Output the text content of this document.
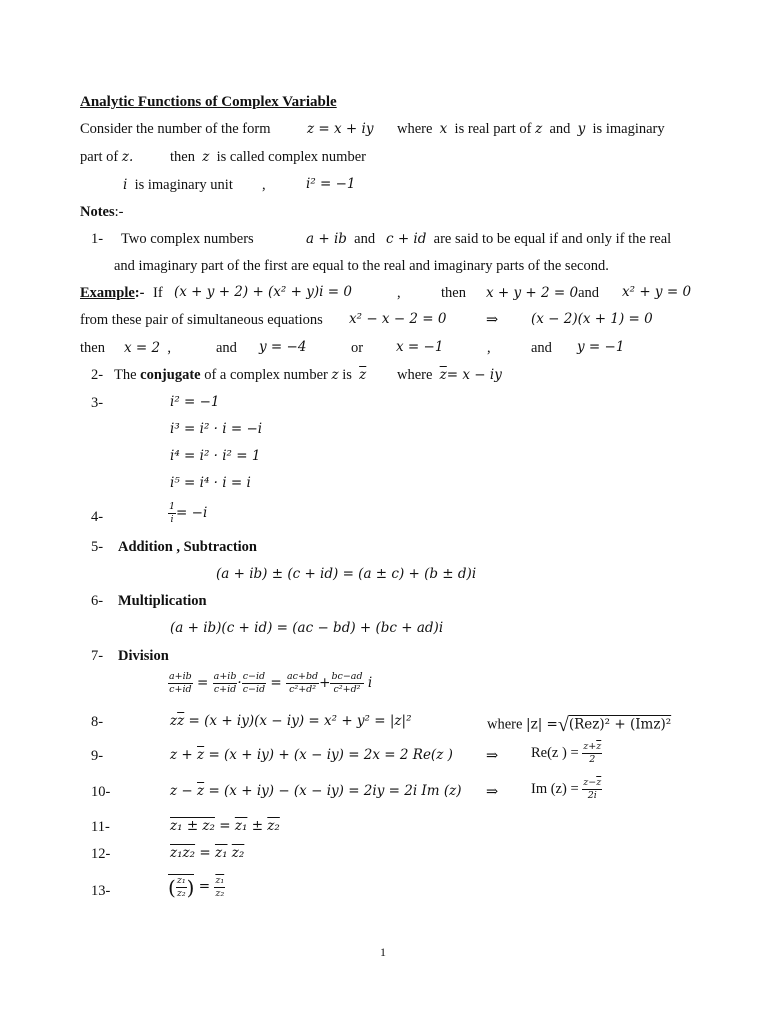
Analytic Functions of Complex Variable
Consider the number of the form	z = x + iy where x is real part of z and y is imaginary
part of z.	then z is called complex number
i is imaginary unit ,	i² = −1
Notes:-
1- Two complex numbers	a + ib and c + id are said to be equal if and only if the real
and imaginary part of the first are equal to the real and imaginary parts of the second.
Example:- If (x + y + 2) + (x² + y)i = 0	,	then x + y + 2 = 0and x² + y = 0
from these pair of simultaneous equations x² − x − 2 = 0	⇒ (x − 2)(x + 1) = 0
then x = 2 ,	and y = −4	or x = −1	,	and y = −1
2- The conjugate of a complex number z is $\overline{z}$ where $\overline{z}= x$ − iy
3-	i² = −1
i³ = i² · i = −i
i⁴ = i² · i² = 1
i⁵ = i⁴ · i = i
4-	$\frac{1}{i} = -i$
5- Addition , Subtraction
(a + ib) ± (c + id) = (a ± c) + (b ± d)i
6- Multiplication
(a + ib)(c + id) = (ac − bd) + (bc + ad)i
7- Division
$\frac{a+ib}{c+id} = \frac{a+ib}{c+id} \cdot \frac{c-id}{c-id} = \frac{ac+bd}{\text{c²+d²}} + \frac{bc-ad}{\text{c²+d²}}$ i
8-	$z\overline{z} = (x + iy)(x - iy) = x^2 + y^2 = |z|^2$	where |z| =√(Rez)² + (Imz)²
9-	$z + \overline{z} = (x + iy) + (x - iy) = 2x = 2$ Re(z ) ⇒ Re(z ) = $\frac{z+\overline{z}}{2}$
10-	$z - \overline{z} = (x + iy) - (x - iy) = 2iy = 2i$ Im (z) ⇒ Im $(z) = \frac{z-\overline{z}}{2i}$
11-	z₁ ± z₂ = z₁ ± z₂
12-	z₁z₂ = z₁ z₂
13-	( $\frac{\text{z₁}}{\text{z₂}}$ ) = $\frac{\text{z₁}}{\text{z₂}}$
1
